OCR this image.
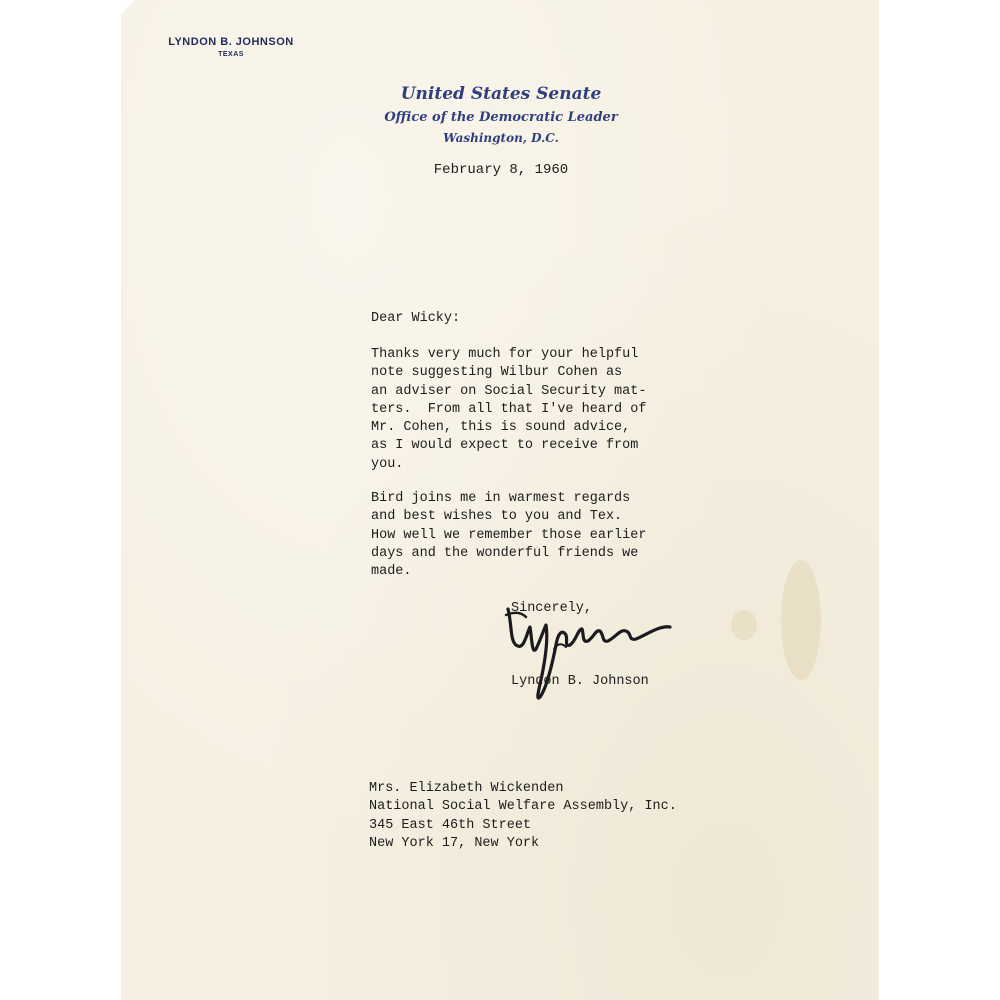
LYNDON B. JOHNSON
TEXAS
United States Senate
Office of the Democratic Leader
Washington, D.C.
February 8, 1960
Dear Wicky:
Thanks very much for your helpful
note suggesting Wilbur Cohen as
an adviser on Social Security mat-
ters.  From all that I've heard of
Mr. Cohen, this is sound advice,
as I would expect to receive from
you.
Bird joins me in warmest regards
and best wishes to you and Tex.
How well we remember those earlier
days and the wonderful friends we
made.
Sincerely,
Lyndon B. Johnson
Mrs. Elizabeth Wickenden
National Social Welfare Assembly, Inc.
345 East 46th Street
New York 17, New York
